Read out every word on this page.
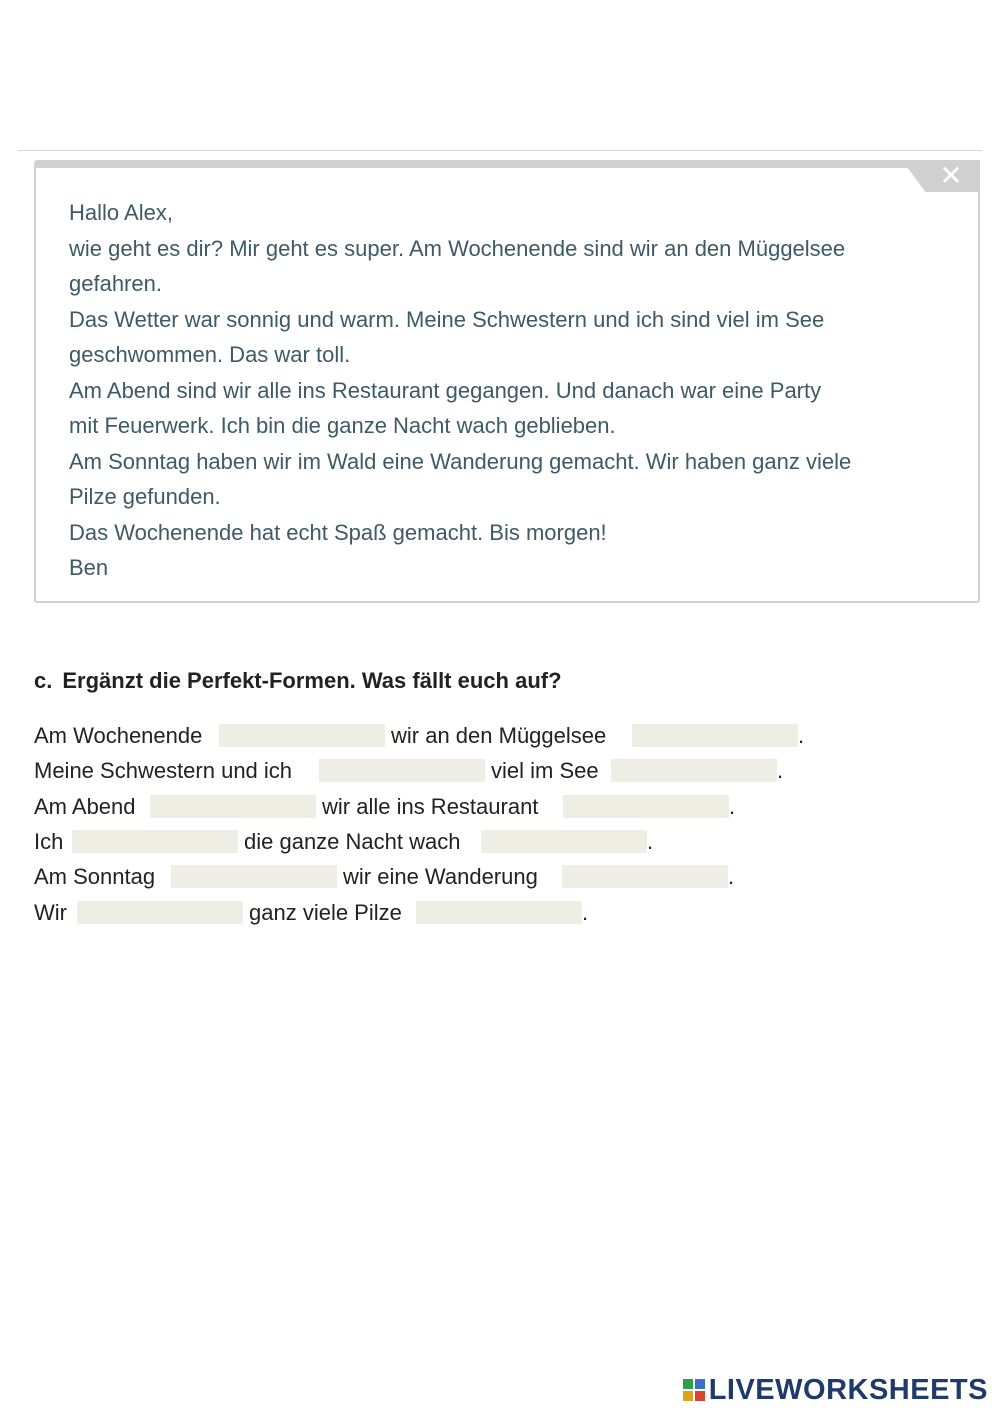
✕

Hallo Alex,

wie geht es dir? Mir geht es super. Am Wochenende sind wir an den Müggelsee

gefahren.

Das Wetter war sonnig und warm. Meine Schwestern und ich sind viel im See

geschwommen. Das war toll.

Am Abend sind wir alle ins Restaurant gegangen. Und danach war eine Party

mit Feuerwerk. Ich bin die ganze Nacht wach geblieben.

Am Sonntag haben wir im Wald eine Wanderung gemacht. Wir haben ganz viele

Pilze gefunden.

Das Wochenende hat echt Spaß gemacht. Bis morgen!

Ben

c. Ergänzt die Perfekt-Formen. Was fällt euch auf?
Am Wochenende	wir an den Müggelsee	.
Meine Schwestern und ich	viel im See	.
Am Abend	wir alle ins Restaurant	.
Ich	die ganze Nacht wach	.
Am Sonntag	wir eine Wanderung	.
Wir	ganz viele Pilze	.
LIVEWORKSHEETS
